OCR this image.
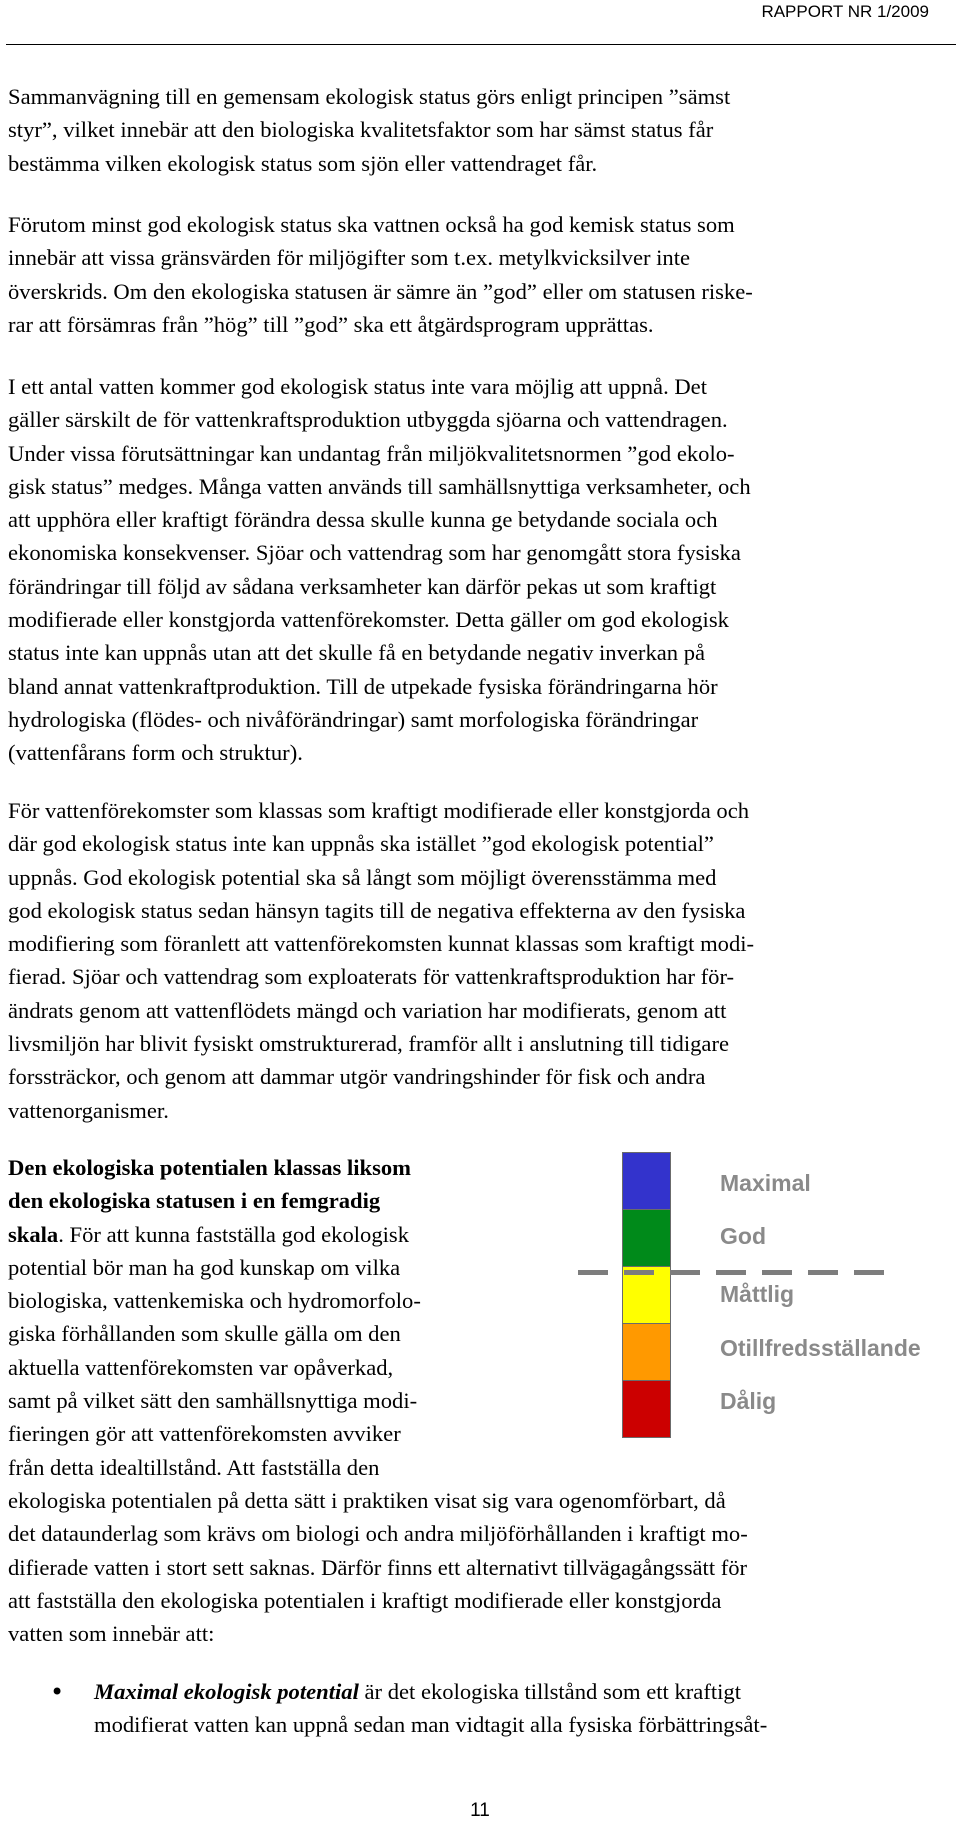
RAPPORT NR 1/2009
Sammanvägning till en gemensam ekologisk status görs enligt principen ”sämst
styr”, vilket innebär att den biologiska kvalitetsfaktor som har sämst status får
bestämma vilken ekologisk status som sjön eller vattendraget får.
Förutom minst god ekologisk status ska vattnen också ha god kemisk status som
innebär att vissa gränsvärden för miljögifter som t.ex. metylkvicksilver inte
överskrids. Om den ekologiska statusen är sämre än ”god” eller om statusen riske-
rar att försämras från ”hög” till ”god” ska ett åtgärdsprogram upprättas.
I ett antal vatten kommer god ekologisk status inte vara möjlig att uppnå. Det
gäller särskilt de för vattenkraftsproduktion utbyggda sjöarna och vattendragen.
Under vissa förutsättningar kan undantag från miljökvalitetsnormen ”god ekolo-
gisk status” medges. Många vatten används till samhällsnyttiga verksamheter, och
att upphöra eller kraftigt förändra dessa skulle kunna ge betydande sociala och
ekonomiska konsekvenser. Sjöar och vattendrag som har genomgått stora fysiska
förändringar till följd av sådana verksamheter kan därför pekas ut som kraftigt
modifierade eller konstgjorda vattenförekomster. Detta gäller om god ekologisk
status inte kan uppnås utan att det skulle få en betydande negativ inverkan på
bland annat vattenkraftproduktion. Till de utpekade fysiska förändringarna hör
hydrologiska (flödes- och nivåförändringar) samt morfologiska förändringar
(vattenfårans form och struktur).
För vattenförekomster som klassas som kraftigt modifierade eller konstgjorda och
där god ekologisk status inte kan uppnås ska istället ”god ekologisk potential”
uppnås. God ekologisk potential ska så långt som möjligt överensstämma med
god ekologisk status sedan hänsyn tagits till de negativa effekterna av den fysiska
modifiering som föranlett att vattenförekomsten kunnat klassas som kraftigt modi-
fierad. Sjöar och vattendrag som exploaterats för vattenkraftsproduktion har för-
ändrats genom att vattenflödets mängd och variation har modifierats, genom att
livsmiljön har blivit fysiskt omstrukturerad, framför allt i anslutning till tidigare
forssträckor, och genom att dammar utgör vandringshinder för fisk och andra
vattenorganismer.
Den ekologiska potentialen klassas liksom
den ekologiska statusen i en femgradig
skala. För att kunna fastställa god ekologisk
potential bör man ha god kunskap om vilka
biologiska, vattenkemiska och hydromorfolo-
giska förhållanden som skulle gälla om den
aktuella vattenförekomsten var opåverkad,
samt på vilket sätt den samhällsnyttiga modi-
fieringen gör att vattenförekomsten avviker
från detta idealtillstånd. Att fastställa den
ekologiska potentialen på detta sätt i praktiken visat sig vara ogenomförbart, då
det dataunderlag som krävs om biologi och andra miljöförhållanden i kraftigt mo-
difierade vatten i stort sett saknas. Därför finns ett alternativt tillvägagångssätt för
att fastställa den ekologiska potentialen i kraftigt modifierade eller konstgjorda
vatten som innebär att:
Maximal
God
Måttlig
Otillfredsställande
Dålig
• Maximal ekologisk potential är det ekologiska tillstånd som ett kraftigt
modifierat vatten kan uppnå sedan man vidtagit alla fysiska förbättringsåt-
11
